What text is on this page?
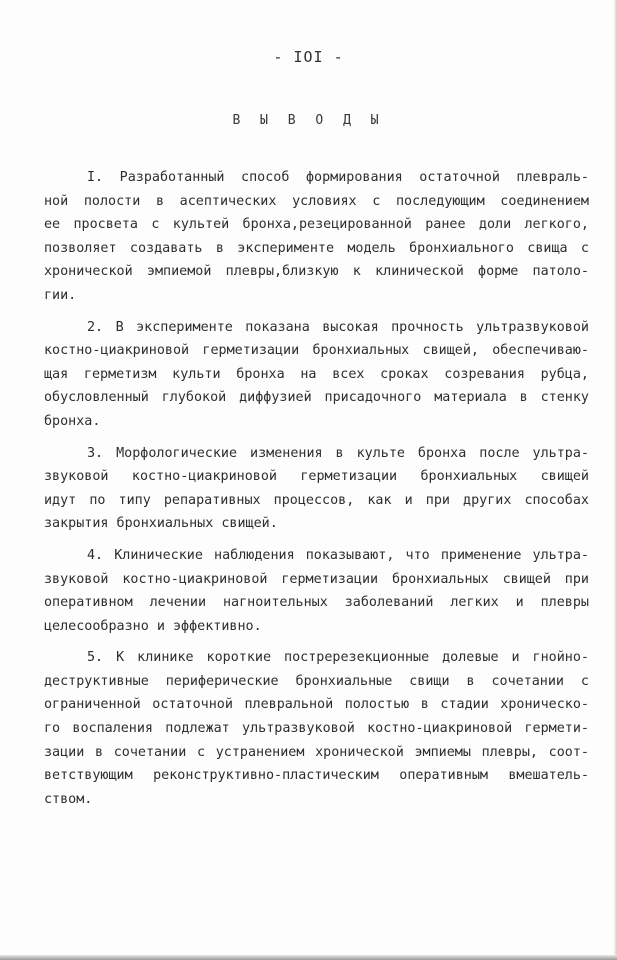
- IOI -
В Ы В О Д Ы
I. Разработанный способ формирования остаточной плевраль-
ной полости в асептических условиях с последующим соединением
ее просвета с культей бронха,резецированной ранее доли легкого,
позволяет создавать в эксперименте модель бронхиального свища с
хронической эмпиемой плевры,близкую к клинической форме патоло-
гии.
2. В эксперименте показана высокая прочность ультразвуковой
костно-циакриновой герметизации бронхиальных свищей, обеспечиваю-
щая герметизм культи бронха на всех сроках созревания рубца,
обусловленный глубокой диффузией присадочного материала в стенку
бронха.
3. Морфологические изменения в культе бронха после ультра-
звуковой костно-циакриновой герметизации бронхиальных свищей
идут по типу репаративных процессов, как и при других способах
закрытия бронхиальных свищей.
4. Клинические наблюдения показывают, что применение ультра-
звуковой костно-циакриновой герметизации бронхиальных свищей при
оперативном лечении нагноительных заболеваний легких и плевры
целесообразно и эффективно.
5. К клинике короткие постререзекционные долевые и гнойно-
деструктивные периферические бронхиальные свищи в сочетании с
ограниченной остаточной плевральной полостью в стадии хроническо-
го воспаления подлежат ультразвуковой костно-циакриновой гермети-
зации в сочетании с устранением хронической эмпиемы плевры, соот-
ветствующим реконструктивно-пластическим оперативным вмешатель-
ством.
